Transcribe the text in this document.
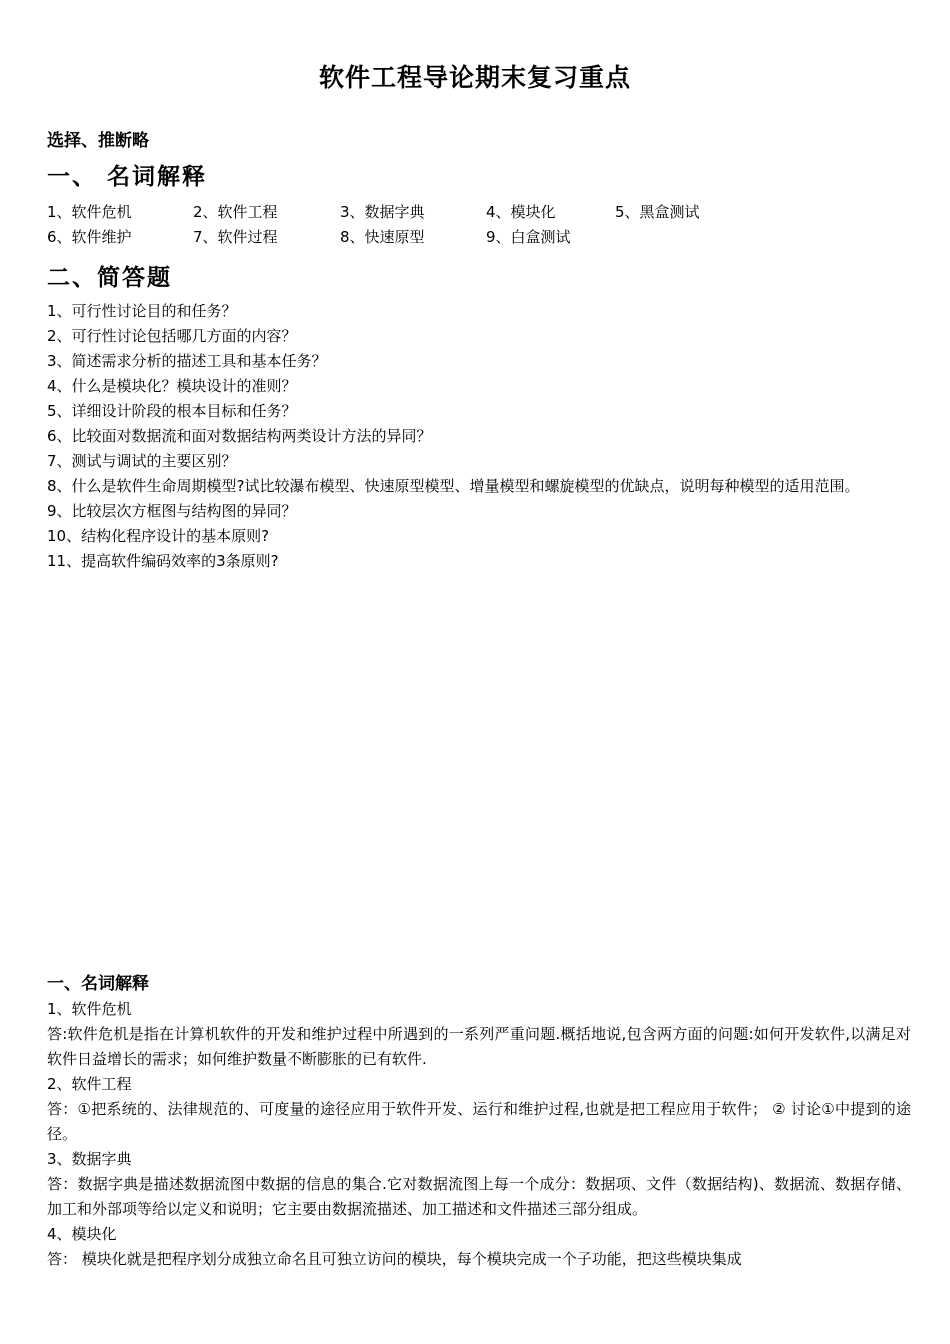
软件工程导论期末复习重点
选择、推断略
一、 名词解释
1、软件危机	2、软件工程	3、数据字典	4、模块化	5、黑盒测试
6、软件维护	7、软件过程	8、快速原型	9、白盒测试
二、简答题

1、可行性讨论目的和任务？

2、可行性讨论包括哪几方面的内容？

3、简述需求分析的描述工具和基本任务？

4、什么是模块化？模块设计的准则？

5、详细设计阶段的根本目标和任务？

6、比较面对数据流和面对数据结构两类设计方法的异同？

7、测试与调试的主要区别？

8、什么是软件生命周期模型?试比较瀑布模型、快速原型模型、增量模型和螺旋模型的优缺点，说明每种模型的适用范围。

9、比较层次方框图与结构图的异同？

10、结构化程序设计的基本原则?

11、提高软件编码效率的3条原则?

一、名词解释

1、软件危机

答:软件危机是指在计算机软件的开发和维护过程中所遇到的一系列严重问题.概括地说,包含两方面的问题:如何开发软件,以满足对软件日益增长的需求；如何维护数量不断膨胀的已有软件.

2、软件工程

答：①把系统的、法律规范的、可度量的途径应用于软件开发、运行和维护过程,也就是把工程应用于软件； ② 讨论①中提到的途径。

3、数据字典

答：数据字典是描述数据流图中数据的信息的集合.它对数据流图上每一个成分：数据项、文件（数据结构)、数据流、数据存储、加工和外部项等给以定义和说明；它主要由数据流描述、加工描述和文件描述三部分组成。

4、模块化

答： 模块化就是把程序划分成独立命名且可独立访问的模块，每个模块完成一个子功能，把这些模块集成
